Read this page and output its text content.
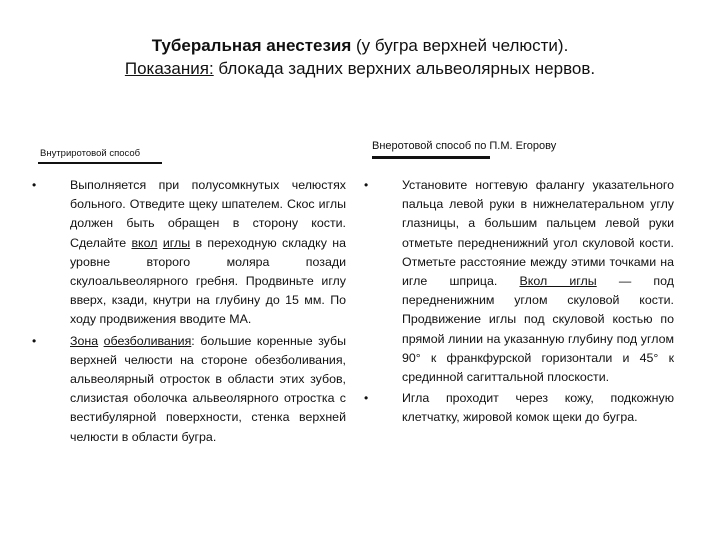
Туберальная анестезия (у бугра верхней челюсти).
Показания: блокада задних верхних альвеолярных нервов.
Внутриротовой способ
Внеротовой способ по П.М. Егорову
•	Выполняется при полусомкнутых челюстях больного. Отведите щеку шпателем. Скос иглы должен быть обращен в сторону кости. Сделайте вкол иглы в переходную складку на уровне второго моляра позади скулоальвеолярного гребня. Продвиньте иглу вверх, кзади, кнутри на глубину до 15 мм. По ходу продвижения вводите МА.
•	Зона обезболивания: большие коренные зубы верхней челюсти на стороне обезболивания, альвеолярный отросток в области этих зубов, слизистая оболочка альвеолярного отростка с вестибулярной поверхности, стенка верхней челюсти в области бугра.
•	Установите ногтевую фалангу указательного пальца левой руки в нижнелатеральном углу глазницы, а большим пальцем левой руки отметьте передненижний угол скуловой кости. Отметьте расстояние между этими точками на игле шприца. Вкол иглы — под передненижним углом скуловой кости. Продвижение иглы под скуловой костью по прямой линии на указанную глубину под углом 90° к франкфурской горизонтали и 45° к срединной сагиттальной плоскости.
•	Игла проходит через кожу, подкожную клетчатку, жировой комок щеки до бугра.
